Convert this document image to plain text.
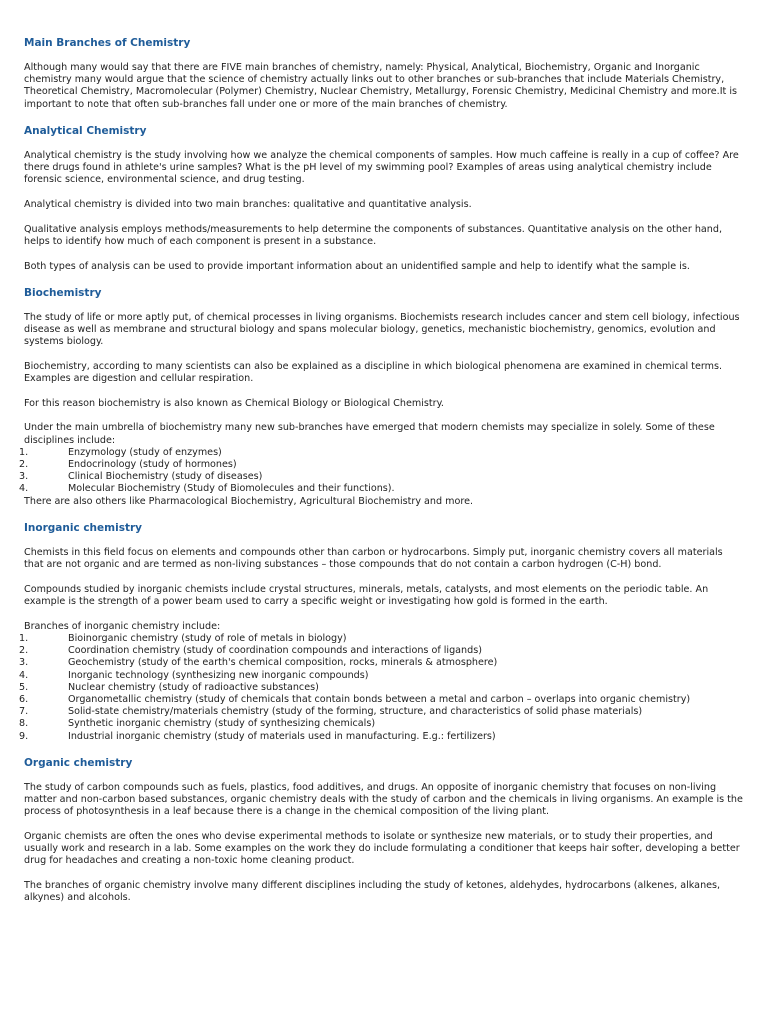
Main Branches of Chemistry

Although many would say that there are FIVE main branches of chemistry, namely: Physical, Analytical, Biochemistry, Organic and Inorganic chemistry many would argue that the science of chemistry actually links out to other branches or sub-branches that include Materials Chemistry, Theoretical Chemistry, Macromolecular (Polymer) Chemistry, Nuclear Chemistry, Metallurgy, Forensic Chemistry, Medicinal Chemistry and more.It is important to note that often sub-branches fall under one or more of the main branches of chemistry.

Analytical Chemistry

Analytical chemistry is the study involving how we analyze the chemical components of samples. How much caffeine is really in a cup of coffee? Are there drugs found in athlete's urine samples? What is the pH level of my swimming pool? Examples of areas using analytical chemistry include forensic science, environmental science, and drug testing.

Analytical chemistry is divided into two main branches: qualitative and quantitative analysis.

Qualitative analysis employs methods/measurements to help determine the components of substances. Quantitative analysis on the other hand, helps to identify how much of each component is present in a substance.

Both types of analysis can be used to provide important information about an unidentified sample and help to identify what the sample is.

Biochemistry

The study of life or more aptly put, of chemical processes in living organisms. Biochemists research includes cancer and stem cell biology, infectious disease as well as membrane and structural biology and spans molecular biology, genetics, mechanistic biochemistry, genomics, evolution and systems biology.

Biochemistry, according to many scientists can also be explained as a discipline in which biological phenomena are examined in chemical terms. Examples are digestion and cellular respiration.

For this reason biochemistry is also known as Chemical Biology or Biological Chemistry.

Under the main umbrella of biochemistry many new sub-branches have emerged that modern chemists may specialize in solely. Some of these disciplines include:

1.	Enzymology (study of enzymes)
2.	Endocrinology (study of hormones)
3.	Clinical Biochemistry (study of diseases)
4.	Molecular Biochemistry (Study of Biomolecules and their functions).

There are also others like Pharmacological Biochemistry, Agricultural Biochemistry and more.

Inorganic chemistry

Chemists in this field focus on elements and compounds other than carbon or hydrocarbons. Simply put, inorganic chemistry covers all materials that are not organic and are termed as non-living substances – those compounds that do not contain a carbon hydrogen (C-H) bond.

Compounds studied by inorganic chemists include crystal structures, minerals, metals, catalysts, and most elements on the periodic table. An example is the strength of a power beam used to carry a specific weight or investigating how gold is formed in the earth.

Branches of inorganic chemistry include:

1.	Bioinorganic chemistry (study of role of metals in biology)
2.	Coordination chemistry (study of coordination compounds and interactions of ligands)
3.	Geochemistry (study of the earth's chemical composition, rocks, minerals & atmosphere)
4.	Inorganic technology (synthesizing new inorganic compounds)
5.	Nuclear chemistry (study of radioactive substances)
6.	Organometallic chemistry (study of chemicals that contain bonds between a metal and carbon – overlaps into organic chemistry)
7.	Solid-state chemistry/materials chemistry (study of the forming, structure, and characteristics of solid phase materials)
8.	Synthetic inorganic chemistry (study of synthesizing chemicals)
9.	Industrial inorganic chemistry (study of materials used in manufacturing. E.g.: fertilizers)
Organic chemistry

The study of carbon compounds such as fuels, plastics, food additives, and drugs. An opposite of inorganic chemistry that focuses on non-living matter and non-carbon based substances, organic chemistry deals with the study of carbon and the chemicals in living organisms. An example is the process of photosynthesis in a leaf because there is a change in the chemical composition of the living plant.

Organic chemists are often the ones who devise experimental methods to isolate or synthesize new materials, or to study their properties, and usually work and research in a lab. Some examples on the work they do include formulating a conditioner that keeps hair softer, developing a better drug for headaches and creating a non-toxic home cleaning product.

The branches of organic chemistry involve many different disciplines including the study of ketones, aldehydes, hydrocarbons (alkenes, alkanes, alkynes) and alcohols.
